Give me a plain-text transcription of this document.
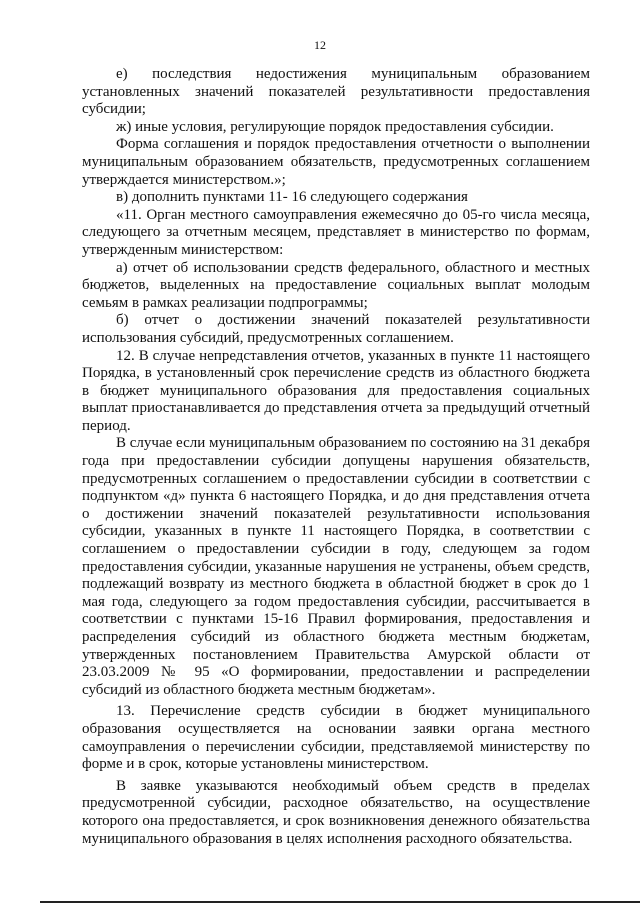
12

е) последствия недостижения муниципальным образованием установленных значений показателей результативности предоставления субсидии;

ж) иные условия, регулирующие порядок предоставления субсидии.

Форма соглашения и порядок предоставления отчетности о выполнении муниципальным образованием обязательств, предусмотренных соглашением утверждается министерством.»;

в) дополнить пунктами 11- 16 следующего содержания

«11. Орган местного самоуправления ежемесячно до 05-го числа месяца, следующего за отчетным месяцем, представляет в министерство по формам, утвержденным министерством:

а) отчет об использовании средств федерального, областного и местных бюджетов, выделенных на предоставление социальных выплат молодым семьям в рамках реализации подпрограммы;

б) отчет о достижении значений показателей результативности использования субсидий, предусмотренных соглашением.

12. В случае непредставления отчетов, указанных в пункте 11 настоящего Порядка, в установленный срок перечисление средств из областного бюджета в бюджет муниципального образования для предоставления социальных выплат приостанавливается до представления отчета за предыдущий отчетный период.

В случае если муниципальным образованием по состоянию на 31 декабря года при предоставлении субсидии допущены нарушения обязательств, предусмотренных соглашением о предоставлении субсидии в соответствии с подпунктом «д» пункта 6 настоящего Порядка, и до дня представления отчета о достижении значений показателей результативности использования субсидии, указанных в пункте 11 настоящего Порядка, в соответствии с соглашением о предоставлении субсидии в году, следующем за годом предоставления субсидии, указанные нарушения не устранены, объем средств, подлежащий возврату из местного бюджета в областной бюджет в срок до 1 мая года, следующего за годом предоставления субсидии, рассчитывается в соответствии с пунктами 15-16 Правил формирования, предоставления и распределения субсидий из областного бюджета местным бюджетам, утвержденных постановлением Правительства Амурской области от 23.03.2009 № 95 «О формировании, предоставлении и распределении субсидий из областного бюджета местным бюджетам».

13. Перечисление средств субсидии в бюджет муниципального образования осуществляется на основании заявки органа местного самоуправления о перечислении субсидии, представляемой министерству по форме и в срок, которые установлены министерством.

В заявке указываются необходимый объем средств в пределах предусмотренной субсидии, расходное обязательство, на осуществление которого она предоставляется, и срок возникновения денежного обязательства муниципального образования в целях исполнения расходного обязательства.
